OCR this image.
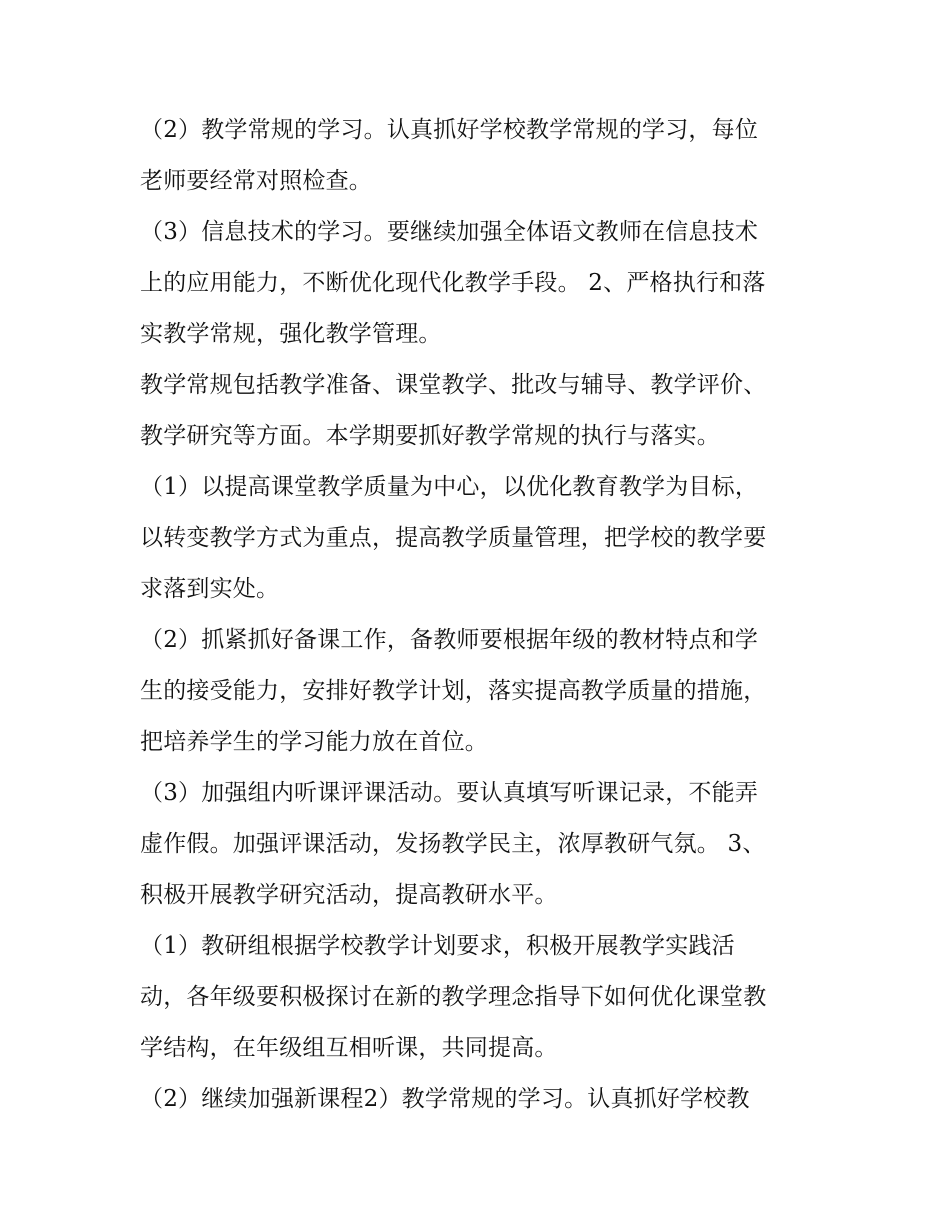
（2）教学常规的学习。认真抓好学校教学常规的学习，每位
老师要经常对照检查。
（3）信息技术的学习。要继续加强全体语文教师在信息技术
上的应用能力，不断优化现代化教学手段。 2、严格执行和落
实教学常规，强化教学管理。
教学常规包括教学准备、课堂教学、批改与辅导、教学评价、
教学研究等方面。本学期要抓好教学常规的执行与落实。
（1）以提高课堂教学质量为中心，以优化教育教学为目标，
以转变教学方式为重点，提高教学质量管理，把学校的教学要
求落到实处。
（2）抓紧抓好备课工作，备教师要根据年级的教材特点和学
生的接受能力，安排好教学计划，落实提高教学质量的措施，
把培养学生的学习能力放在首位。
（3）加强组内听课评课活动。要认真填写听课记录，不能弄
虚作假。加强评课活动，发扬教学民主，浓厚教研气氛。 3、
积极开展教学研究活动，提高教研水平。
（1）教研组根据学校教学计划要求，积极开展教学实践活
动，各年级要积极探讨在新的教学理念指导下如何优化课堂教
学结构，在年级组互相听课，共同提高。
（2）继续加强新课程2）教学常规的学习。认真抓好学校教
